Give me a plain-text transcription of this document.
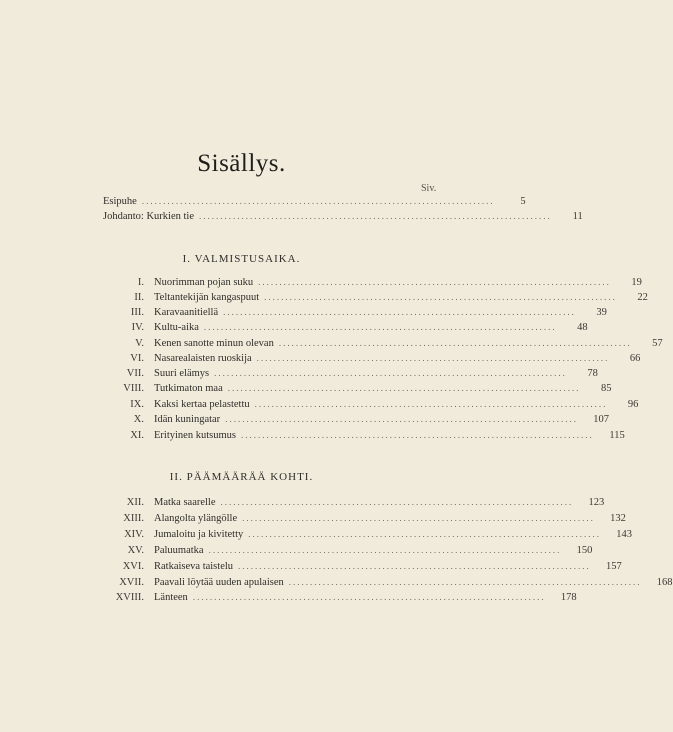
Sisällys.
Siv.
Esipuhe ...................................................................................	5
Johdanto: Kurkien tie ...................................................................................	11
I. VALMISTUSAIKA.
I. Nuorimman pojan suku ...................................................................................	19
II. Teltantekijän kangaspuut ...................................................................................	22
III. Karavaanitiellä ...................................................................................	39
IV. Kultu-aika ...................................................................................	48
V. Kenen sanotte minun olevan ...................................................................................	57
VI. Nasarealaisten ruoskija ...................................................................................	66
VII. Suuri elämys ...................................................................................	78
VIII. Tutkimaton maa ...................................................................................	85
IX. Kaksi kertaa pelastettu ...................................................................................	96
X. Idän kuningatar ...................................................................................	107
XI. Erityinen kutsumus ...................................................................................	115
II. PÄÄMÄÄRÄÄ KOHTI.
XII. Matka saarelle ...................................................................................	123
XIII. Alangolta ylängölle ...................................................................................	132
XIV. Jumaloitu ja kivitetty ...................................................................................	143
XV. Paluumatka ...................................................................................	150
XVI. Ratkaiseva taistelu ...................................................................................	157
XVII. Paavali löytää uuden apulaisen ...................................................................................	168
XVIII. Länteen ...................................................................................	178
